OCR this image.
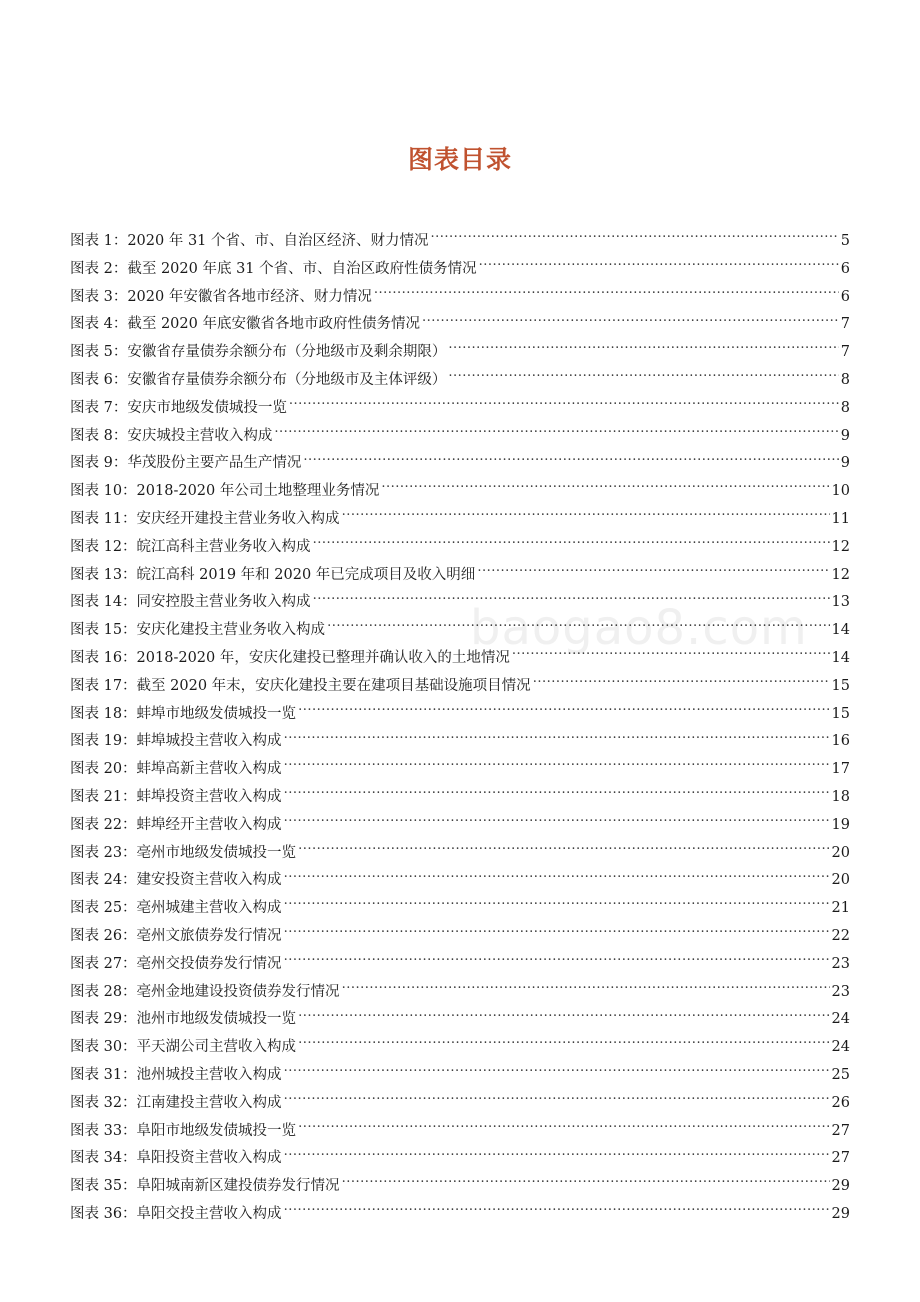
图表目录
baogao8.com
图表 1：2020 年 31 个省、市、自治区经济、财力情况 .....	5
图表 2：截至 2020 年底 31 个省、市、自治区政府性债务情况 .....	6
图表 3：2020 年安徽省各地市经济、财力情况 .....	6
图表 4：截至 2020 年底安徽省各地市政府性债务情况 .....	7
图表 5：安徽省存量债券余额分布（分地级市及剩余期限） .....	7
图表 6：安徽省存量债券余额分布（分地级市及主体评级） .....	8
图表 7：安庆市地级发债城投一览 .....	8
图表 8：安庆城投主营收入构成 .....	9
图表 9：华茂股份主要产品生产情况 .....	9
图表 10：2018-2020 年公司土地整理业务情况 .....	10
图表 11：安庆经开建投主营业务收入构成 .....	11
图表 12：皖江高科主营业务收入构成 .....	12
图表 13：皖江高科 2019 年和 2020 年已完成项目及收入明细 .....	12
图表 14：同安控股主营业务收入构成 .....	13
图表 15：安庆化建投主营业务收入构成 .....	14
图表 16：2018-2020 年，安庆化建投已整理并确认收入的土地情况 .....	14
图表 17：截至 2020 年末，安庆化建投主要在建项目基础设施项目情况 .....	15
图表 18：蚌埠市地级发债城投一览 .....	15
图表 19：蚌埠城投主营收入构成 .....	16
图表 20：蚌埠高新主营收入构成 .....	17
图表 21：蚌埠投资主营收入构成 .....	18
图表 22：蚌埠经开主营收入构成 .....	19
图表 23：亳州市地级发债城投一览 .....	20
图表 24：建安投资主营收入构成 .....	20
图表 25：亳州城建主营收入构成 .....	21
图表 26：亳州文旅债券发行情况 .....	22
图表 27：亳州交投债券发行情况 .....	23
图表 28：亳州金地建设投资债券发行情况 .....	23
图表 29：池州市地级发债城投一览 .....	24
图表 30：平天湖公司主营收入构成 .....	24
图表 31：池州城投主营收入构成 .....	25
图表 32：江南建投主营收入构成 .....	26
图表 33：阜阳市地级发债城投一览 .....	27
图表 34：阜阳投资主营收入构成 .....	27
图表 35：阜阳城南新区建投债券发行情况 .....	29
图表 36：阜阳交投主营收入构成 .....	29
